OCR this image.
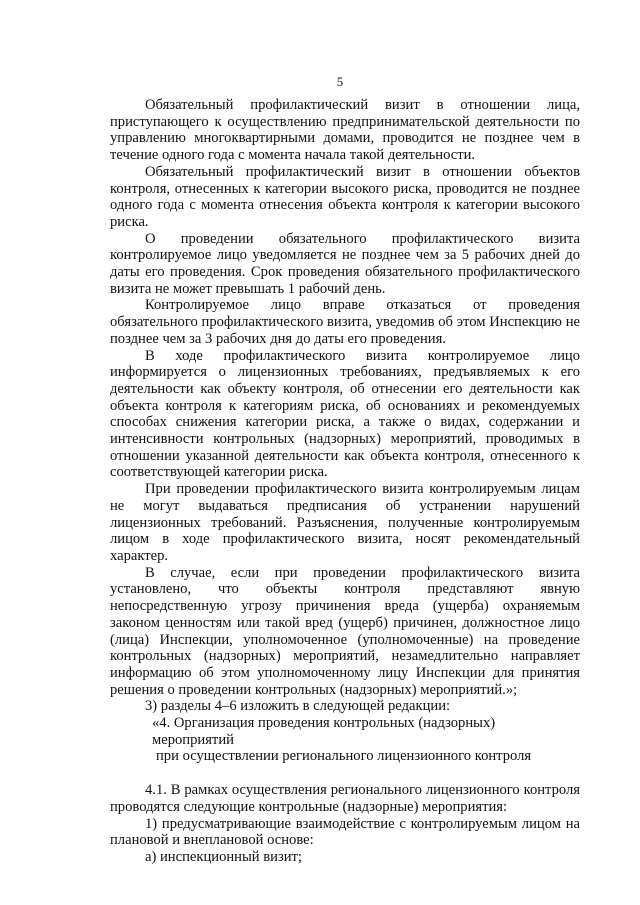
5

Обязательный профилактический визит в отношении лица, приступающего к осуществлению предпринимательской деятельности по управлению многоквартирными домами, проводится не позднее чем в течение одного года с момента начала такой деятельности.

Обязательный профилактический визит в отношении объектов контроля, отнесенных к категории высокого риска, проводится не позднее одного года с момента отнесения объекта контроля к категории высокого риска.

О проведении обязательного профилактического визита контролируемое лицо уведомляется не позднее чем за 5 рабочих дней до даты его проведения. Срок проведения обязательного профилактического визита не может превышать 1 рабочий день.

Контролируемое лицо вправе отказаться от проведения обязательного профилактического визита, уведомив об этом Инспекцию не позднее чем за 3 рабочих дня до даты его проведения.

В ходе профилактического визита контролируемое лицо информируется о лицензионных требованиях, предъявляемых к его деятельности как объекту контроля, об отнесении его деятельности как объекта контроля к категориям риска, об основаниях и рекомендуемых способах снижения категории риска, а также о видах, содержании и интенсивности контрольных (надзорных) мероприятий, проводимых в отношении указанной деятельности как объекта контроля, отнесенного к соответствующей категории риска.

При проведении профилактического визита контролируемым лицам не могут выдаваться предписания об устранении нарушений лицензионных требований. Разъяснения, полученные контролируемым лицом в ходе профилактического визита, носят рекомендательный характер.

В случае, если при проведении профилактического визита установлено, что объекты контроля представляют явную непосредственную угрозу причинения вреда (ущерба) охраняемым законом ценностям или такой вред (ущерб) причинен, должностное лицо (лица) Инспекции, уполномоченное (уполномоченные) на проведение контрольных (надзорных) мероприятий, незамедлительно направляет информацию об этом уполномоченному лицу Инспекции для принятия решения о проведении контрольных (надзорных) мероприятий.»;

3) разделы 4–6 изложить в следующей редакции:

«4. Организация проведения контрольных (надзорных) мероприятий

при осуществлении регионального лицензионного контроля

4.1. В рамках осуществления регионального лицензионного контроля проводятся следующие контрольные (надзорные) мероприятия:

1) предусматривающие взаимодействие с контролируемым лицом на плановой и внеплановой основе:

а) инспекционный визит;
